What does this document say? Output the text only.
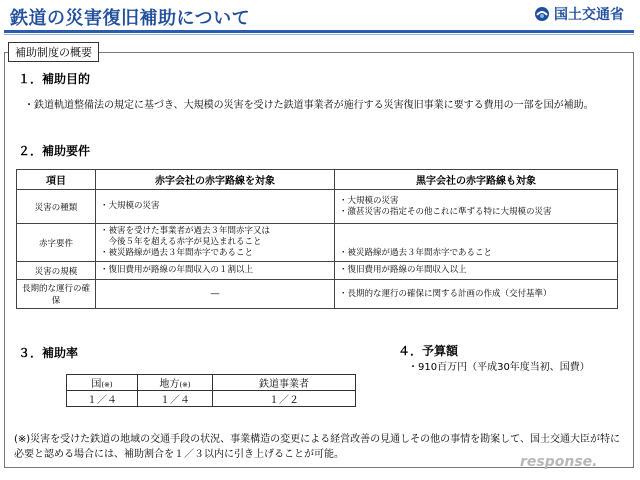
鉄道の災害復旧補助について	国土交通省
補助制度の概要
１．補助目的
・鉄道軌道整備法の規定に基づき、大規模の災害を受けた鉄道事業者が施行する災害復旧事業に要する費用の一部を国が補助。
２．補助要件
項目	赤字会社の赤字路線を対象	黒字会社の赤字路線も対象
災害の種類	・大規模の災害	・大規模の災害
・激甚災害の指定その他これに準ずる特に大規模の災害

赤字要件	・被害を受けた事業者が過去３年間赤字又は
　今後５年を超える赤字が見込まれること
・被災路線が過去３年間赤字であること	・被災路線が過去３年間赤字であること

災害の規模	・復旧費用が路線の年間収入の１割以上	・復旧費用が路線の年間収入以上

長期的な運行の確保	―	・長期的な運行の確保に関する計画の作成（交付基準）
３．補助率
国(※)	地方(※)	鉄道事業者
１／４	１／４	１／２
４．予算額
・910百万円（平成30年度当初、国費）
(※)災害を受けた鉄道の地域の交通手段の状況、事業構造の変更による経営改善の見通しその他の事情を勘案して、国土交通大臣が特に必要と認める場合には、補助割合を１／３以内に引き上げることが可能。	response.
